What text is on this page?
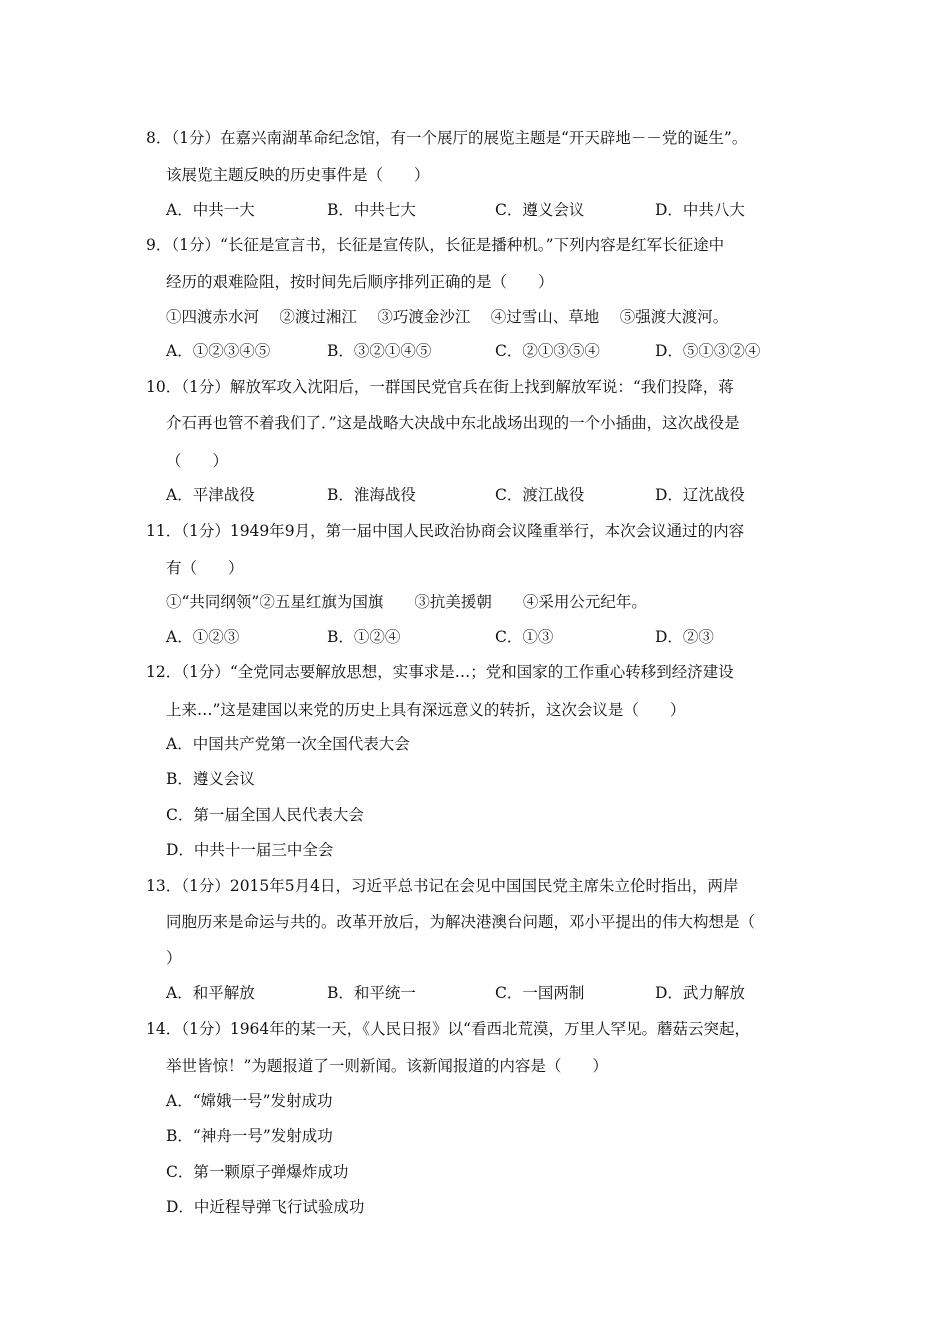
8．（1分）在嘉兴南湖革命纪念馆，有一个展厅的展览主题是“开天辟地－－党的诞生”。
该展览主题反映的历史事件是（　　）
A．中共一大	B．中共七大	C．遵义会议	D．中共八大
9．（1分）“长征是宣言书，长征是宣传队，长征是播种机。”下列内容是红军长征途中
经历的艰难险阻，按时间先后顺序排列正确的是（　　）
①四渡赤水河　 ②渡过湘江　 ③巧渡金沙江　 ④过雪山、草地　 ⑤强渡大渡河。
A．①②③④⑤	B．③②①④⑤	C．②①③⑤④	D．⑤①③②④
10．（1分）解放军攻入沈阳后，一群国民党官兵在街上找到解放军说：“我们投降，蒋
介石再也管不着我们了．”这是战略大决战中东北战场出现的一个小插曲，这次战役是
（　　）
A．平津战役	B．淮海战役	C．渡江战役	D．辽沈战役
11．（1分）1949年9月，第一届中国人民政治协商会议隆重举行，本次会议通过的内容
有（　　）
①“共同纲领”②五星红旗为国旗　　③抗美援朝　　④采用公元纪年。
A．①②③	B．①②④	C．①③	D．②③
12．（1分）“全党同志要解放思想，实事求是…；党和国家的工作重心转移到经济建设
上来…”这是建国以来党的历史上具有深远意义的转折，这次会议是（　　）
A．中国共产党第一次全国代表大会
B．遵义会议
C．第一届全国人民代表大会
D．中共十一届三中全会
13．（1分）2015年5月4日，习近平总书记在会见中国国民党主席朱立伦时指出，两岸
同胞历来是命运与共的。改革开放后，为解决港澳台问题，邓小平提出的伟大构想是（
）
A．和平解放	B．和平统一	C．一国两制	D．武力解放
14．（1分）1964年的某一天，《人民日报》以“看西北荒漠，万里人罕见。蘑菇云突起，
举世皆惊！”为题报道了一则新闻。该新闻报道的内容是（　　）
A．“嫦娥一号”发射成功
B．“神舟一号”发射成功
C．第一颗原子弹爆炸成功
D．中近程导弹飞行试验成功
